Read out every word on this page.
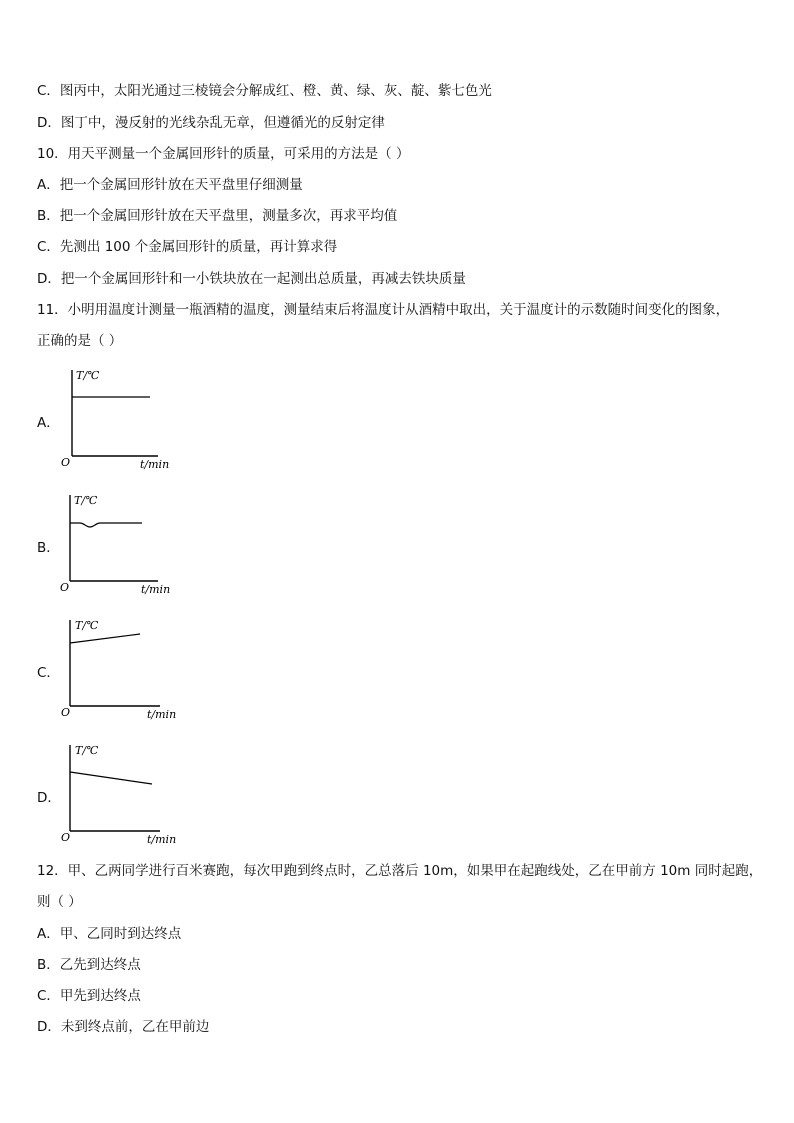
C．图丙中，太阳光通过三棱镜会分解成红、橙、黄、绿、灰、靛、紫七色光
D．图丁中，漫反射的光线杂乱无章，但遵循光的反射定律
10．用天平测量一个金属回形针的质量，可采用的方法是（ ）
A．把一个金属回形针放在天平盘里仔细测量
B．把一个金属回形针放在天平盘里，测量多次，再求平均值
C．先测出 100 个金属回形针的质量，再计算求得
D．把一个金属回形针和一小铁块放在一起测出总质量，再减去铁块质量
11．小明用温度计测量一瓶酒精的温度，测量结束后将温度计从酒精中取出，关于温度计的示数随时间变化的图象，
正确的是（ ）
A．
T/℃
O	t/min
B．
T/℃
O	t/min
C．
T/℃
O	t/min
D．
T/℃
O	t/min
12．甲、乙两同学进行百米赛跑，每次甲跑到终点时，乙总落后 10m，如果甲在起跑线处，乙在甲前方 10m 同时起跑，
则（ ）
A．甲、乙同时到达终点
B．乙先到达终点
C．甲先到达终点
D．未到终点前，乙在甲前边
